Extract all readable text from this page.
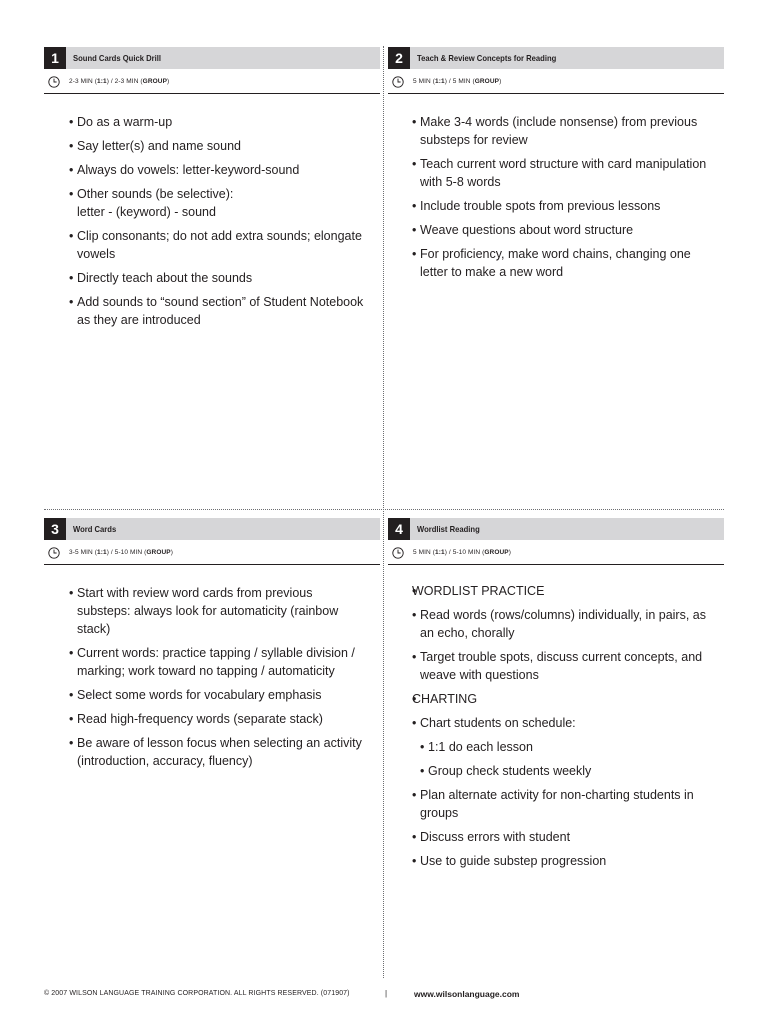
1	Sound Cards Quick Drill
2-3 MIN (1:1) / 2-3 MIN (GROUP)
• Do as a warm-up
• Say letter(s) and name sound
• Always do vowels: letter-keyword-sound
• Other sounds (be selective):
letter - (keyword) - sound
• Clip consonants; do not add extra sounds; elongate vowels
• Directly teach about the sounds
• Add sounds to “sound section” of Student Notebook as they are introduced
2	Teach & Review Concepts for Reading
5 MIN (1:1) / 5 MIN (GROUP)
• Make 3-4 words (include nonsense) from previous substeps for review
• Teach current word structure with card manipulation with 5-8 words
• Include trouble spots from previous lessons
• Weave questions about word structure
• For proficiency, make word chains, changing one letter to make a new word
3	Word Cards
3-5 MIN (1:1) / 5-10 MIN (GROUP)
• Start with review word cards from previous substeps: always look for automaticity (rainbow stack)
• Current words: practice tapping / syllable division / marking; work toward no tapping / automaticity
• Select some words for vocabulary emphasis
• Read high-frequency words (separate stack)
• Be aware of lesson focus when selecting an activity (introduction, accuracy, fluency)
4	Wordlist Reading
5 MIN (1:1) / 5-10 MIN (GROUP)
• WORDLIST PRACTICE
• Read words (rows/columns) individually, in pairs, as an echo, chorally
• Target trouble spots, discuss current concepts, and weave with questions
• CHARTING
• Chart students on schedule:
• 1:1 do each lesson
• Group check students weekly
• Plan alternate activity for non-charting students in groups
• Discuss errors with student
• Use to guide substep progression
© 2007 WILSON LANGUAGE TRAINING CORPORATION. ALL RIGHTS RESERVED. (071907)	|	www.wilsonlanguage.com
